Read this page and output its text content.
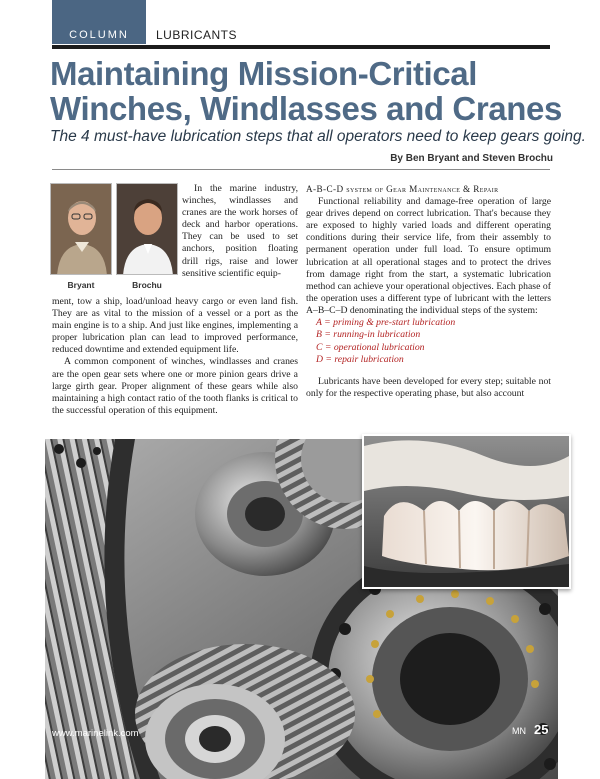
COLUMN LUBRICANTS
Maintaining Mission-Critical
Winches, Windlasses and Cranes
The 4 must-have lubrication steps that all operators need to keep gears going.
By Ben Bryant and Steven Brochu
Bryant	Brochu

In the marine industry, winches, windlasses and cranes are the work horses of deck and harbor operations. They can be used to set anchors, position floating drill rigs, raise and lower sensitive scientific equip-

ment, tow a ship, load/unload heavy cargo or even land fish. They are as vital to the mission of a vessel or a port as the main engine is to a ship. And just like engines, implementing a proper lubrication plan can lead to improved performance, reduced downtime and extended equipment life.

A common component of winches, windlasses and cranes are the open gear sets where one or more pinion gears drive a large girth gear. Proper alignment of these gears while also maintaining a high contact ratio of the tooth flanks is critical to the successful operation of this equipment.

A-B-C-D system of Gear Maintenance & Repair

Functional reliability and damage-free operation of large gear drives depend on correct lubrication. That's because they are exposed to highly varied loads and different operating conditions during their service life, from their assembly to permanent operation under full load. To ensure optimum lubrication at all operational stages and to protect the drives from damage right from the start, a systematic lubrication method can achieve your operational objectives. Each phase of the operation uses a different type of lubricant with the letters A–B–C–D denominating the individual steps of the system:

A = priming & pre-start lubrication
B = running-in lubrication
C = operational lubrication
D = repair lubrication

Lubricants have been developed for every step; suitable not only for the respective operating phase, but also account

www.marinelink.com	MN 25
